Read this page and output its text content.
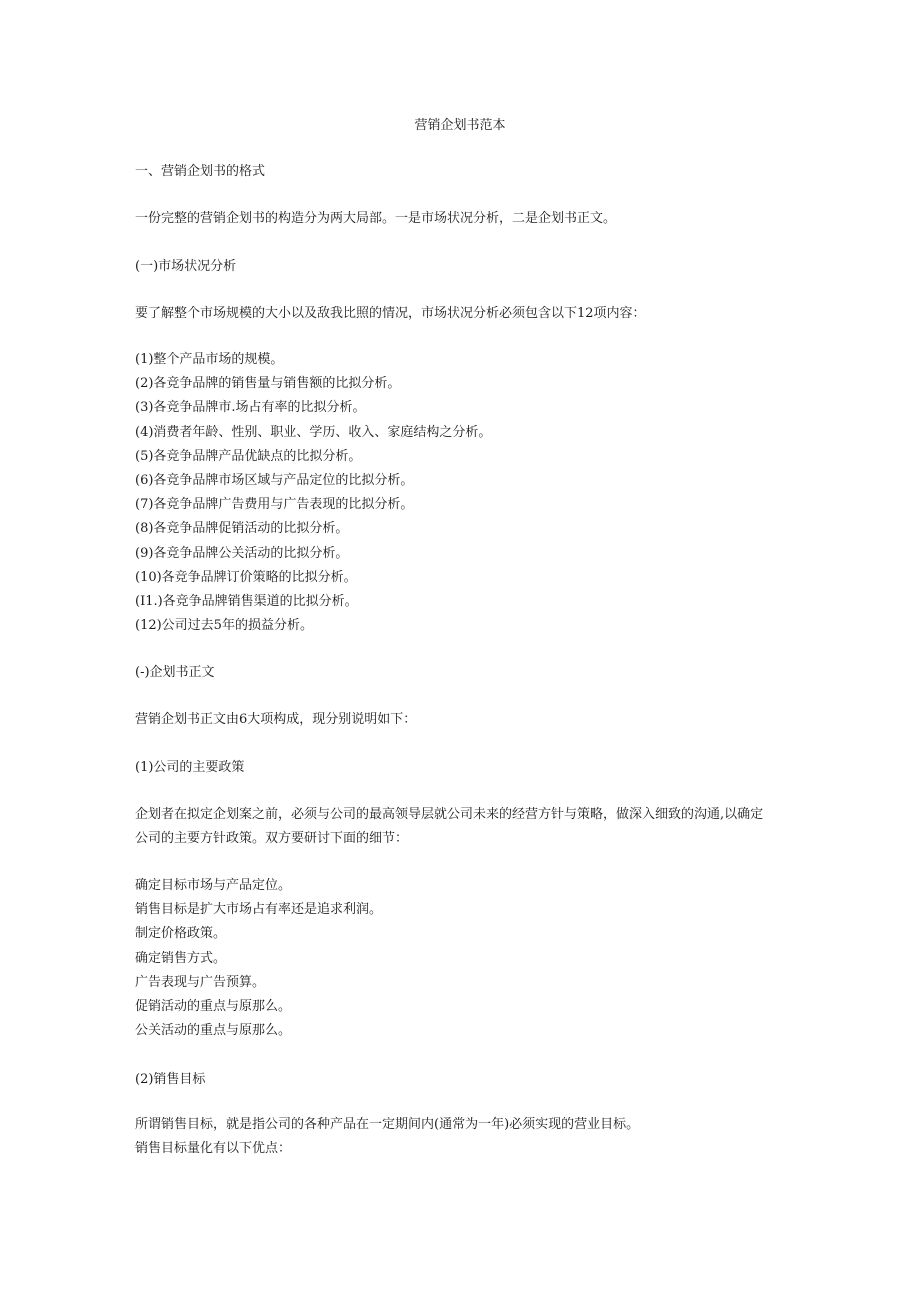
营销企划书范本
一、营销企划书的格式
一份完整的营销企划书的构造分为两大局部。一是市场状况分析，二是企划书正文。
(一)市场状况分析
要了解整个市场规模的大小以及敌我比照的情况，市场状况分析必须包含以下12项内容：
(1)整个产品市场的规模。
(2)各竞争品牌的销售量与销售额的比拟分析。
(3)各竞争品牌市.场占有率的比拟分析。
(4)消费者年龄、性别、职业、学历、收入、家庭结构之分析。
(5)各竞争品牌产品优缺点的比拟分析。
(6)各竞争品牌市场区域与产品定位的比拟分析。
(7)各竞争品牌广告费用与广告表现的比拟分析。
(8)各竞争品牌促销活动的比拟分析。
(9)各竞争品牌公关活动的比拟分析。
(10)各竞争品牌订价策略的比拟分析。
(I1.)各竞争品牌销售渠道的比拟分析。
(12)公司过去5年的损益分析。
(-)企划书正文
营销企划书正文由6大项构成，现分别说明如下：
(1)公司的主要政策
企划者在拟定企划案之前，必须与公司的最高领导层就公司未来的经营方针与策略，做深入细致的沟通,以确定
公司的主要方针政策。双方要研讨下面的细节：
确定目标市场与产品定位。
销售目标是扩大市场占有率还是追求利润。
制定价格政策。
确定销售方式。
广告表现与广告预算。
促销活动的重点与原那么。
公关活动的重点与原那么。
(2)销售目标
所谓销售目标，就是指公司的各种产品在一定期间内(通常为一年)必须实现的营业目标。
销售目标量化有以下优点：
